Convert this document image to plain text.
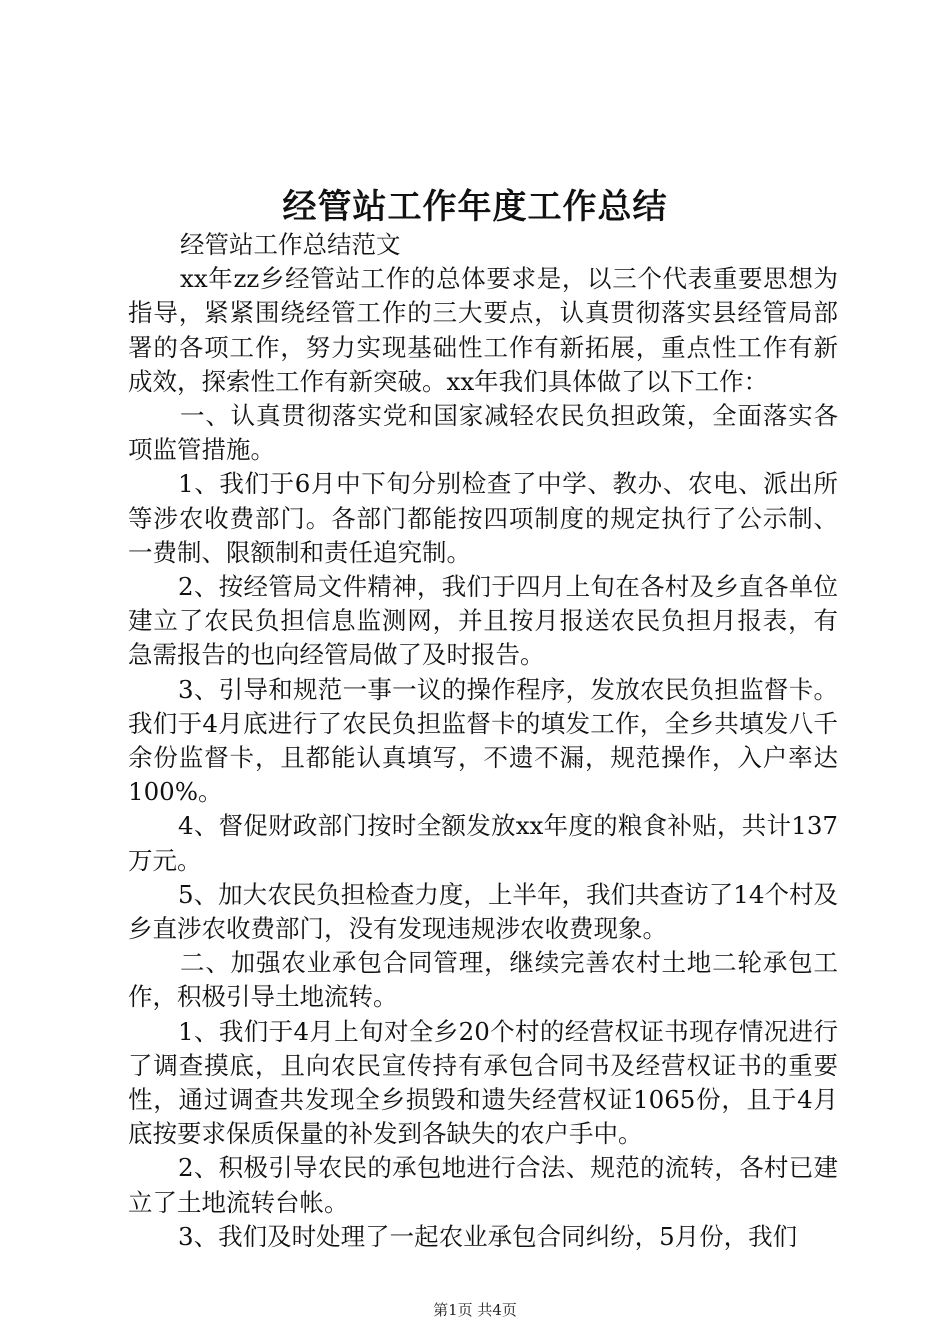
经管站工作年度工作总结

经管站工作总结范文

xx年zz乡经管站工作的总体要求是，以三个代表重要思想为指导，紧紧围绕经管工作的三大要点，认真贯彻落实县经管局部署的各项工作，努力实现基础性工作有新拓展，重点性工作有新成效，探索性工作有新突破。xx年我们具体做了以下工作：

一、认真贯彻落实党和国家减轻农民负担政策，全面落实各项监管措施。

1、我们于6月中下旬分别检查了中学、教办、农电、派出所等涉农收费部门。各部门都能按四项制度的规定执行了公示制、一费制、限额制和责任追究制。

2、按经管局文件精神，我们于四月上旬在各村及乡直各单位建立了农民负担信息监测网，并且按月报送农民负担月报表，有急需报告的也向经管局做了及时报告。

3、引导和规范一事一议的操作程序，发放农民负担监督卡。我们于4月底进行了农民负担监督卡的填发工作，全乡共填发八千余份监督卡，且都能认真填写，不遗不漏，规范操作，入户率达100%。

4、督促财政部门按时全额发放xx年度的粮食补贴，共计137万元。

5、加大农民负担检查力度，上半年，我们共查访了14个村及乡直涉农收费部门，没有发现违规涉农收费现象。

二、加强农业承包合同管理，继续完善农村土地二轮承包工作，积极引导土地流转。

1、我们于4月上旬对全乡20个村的经营权证书现存情况进行了调查摸底，且向农民宣传持有承包合同书及经营权证书的重要性，通过调查共发现全乡损毁和遗失经营权证1065份，且于4月底按要求保质保量的补发到各缺失的农户手中。

2、积极引导农民的承包地进行合法、规范的流转，各村已建立了土地流转台帐。

3、我们及时处理了一起农业承包合同纠纷，5月份，我们

第1页 共4页
